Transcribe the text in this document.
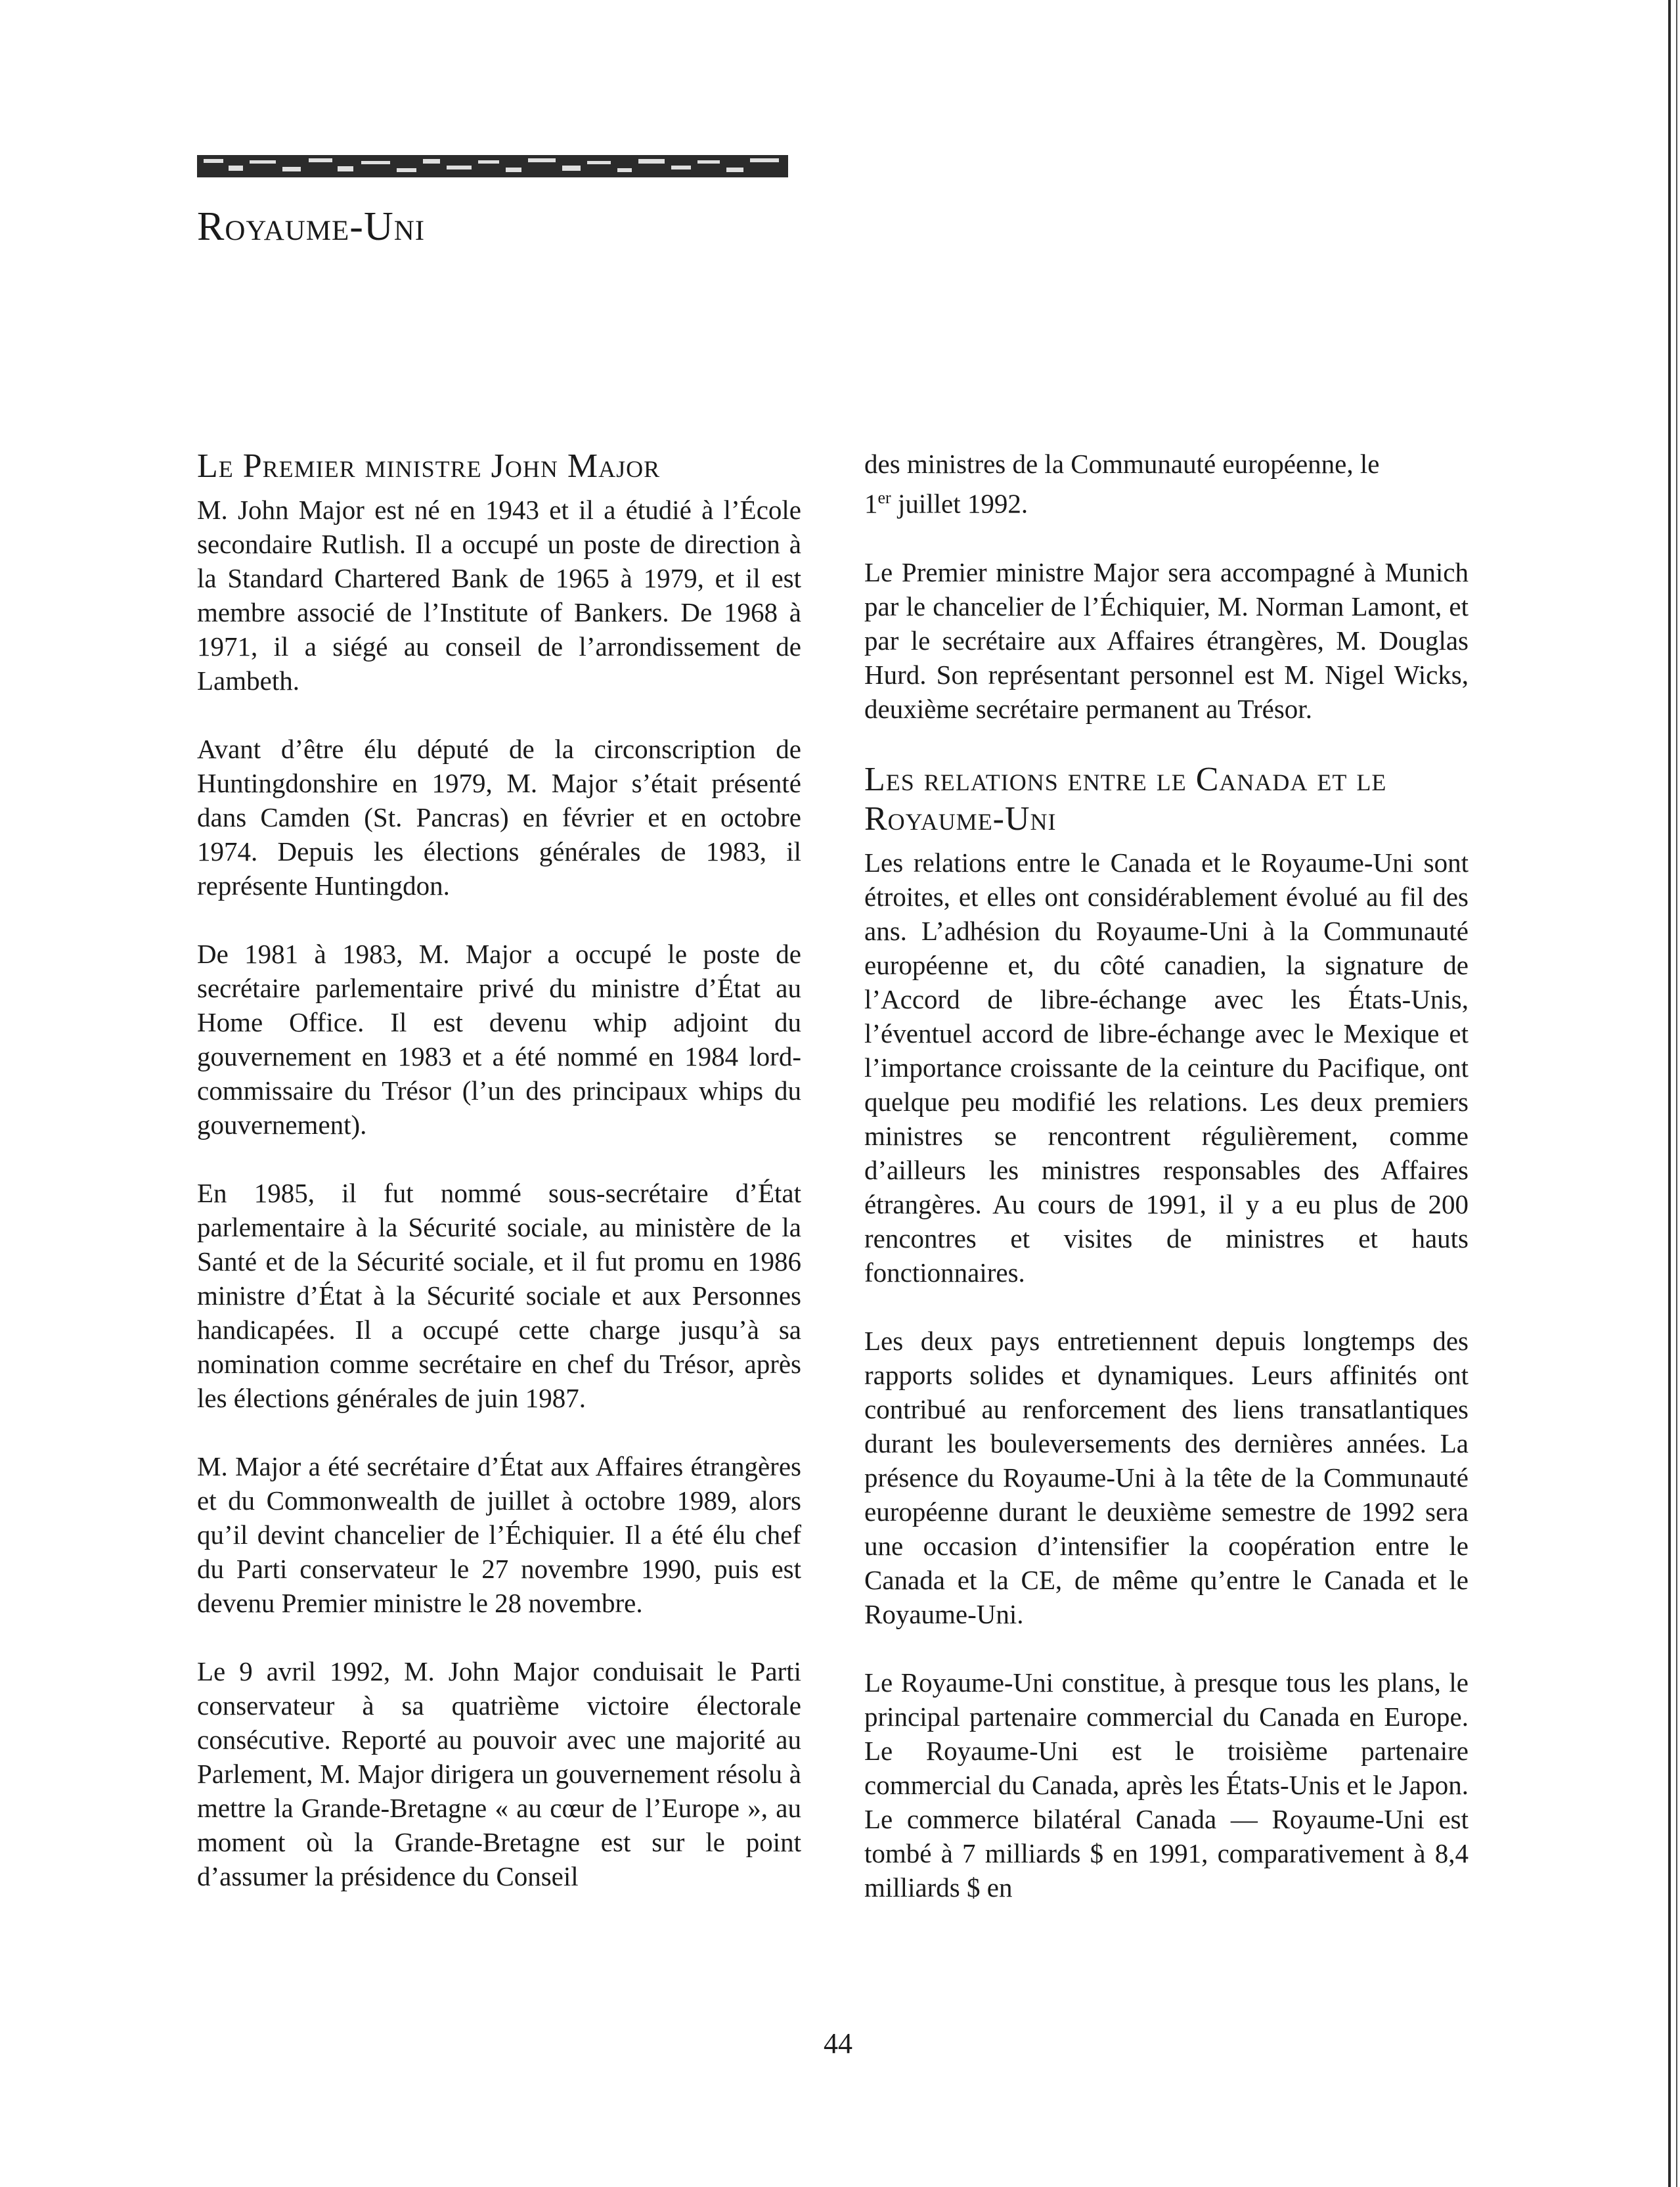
Royaume-Uni
Le Premier ministre John Major

M. John Major est né en 1943 et il a étudié à l’École secondaire Rutlish. Il a occupé un poste de direction à la Standard Chartered Bank de 1965 à 1979, et il est membre associé de l’Institute of Bankers. De 1968 à 1971, il a siégé au conseil de l’arrondissement de Lambeth.

Avant d’être élu député de la circonscription de Huntingdonshire en 1979, M. Major s’était présenté dans Camden (St. Pancras) en février et en octobre 1974. Depuis les élections générales de 1983, il représente Huntingdon.

De 1981 à 1983, M. Major a occupé le poste de secrétaire parlementaire privé du ministre d’État au Home Office. Il est devenu whip adjoint du gouvernement en 1983 et a été nommé en 1984 lord-commissaire du Trésor (l’un des principaux whips du gouvernement).

En 1985, il fut nommé sous-secrétaire d’État parlementaire à la Sécurité sociale, au ministère de la Santé et de la Sécurité sociale, et il fut promu en 1986 ministre d’État à la Sécurité sociale et aux Personnes handicapées. Il a occupé cette charge jusqu’à sa nomination comme secrétaire en chef du Trésor, après les élections générales de juin 1987.

M. Major a été secrétaire d’État aux Affaires étrangères et du Commonwealth de juillet à octobre 1989, alors qu’il devint chancelier de l’Échiquier. Il a été élu chef du Parti conservateur le 27 novembre 1990, puis est devenu Premier ministre le 28 novembre.

Le 9 avril 1992, M. John Major conduisait le Parti conservateur à sa quatrième victoire électorale consécutive. Reporté au pouvoir avec une majorité au Parlement, M. Major dirigera un gouvernement résolu à mettre la Grande-Bretagne « au cœur de l’Europe », au moment où la Grande-Bretagne est sur le point d’assumer la présidence du Conseil

des ministres de la Communauté européenne, le
1er juillet 1992.

Le Premier ministre Major sera accompagné à Munich par le chancelier de l’Échiquier, M. Norman Lamont, et par le secrétaire aux Affaires étrangères, M. Douglas Hurd. Son représentant personnel est M. Nigel Wicks, deuxième secrétaire permanent au Trésor.

Les relations entre le Canada et le Royaume-Uni

Les relations entre le Canada et le Royaume-Uni sont étroites, et elles ont considérablement évolué au fil des ans. L’adhésion du Royaume-Uni à la Communauté européenne et, du côté canadien, la signature de l’Accord de libre-échange avec les États-Unis, l’éventuel accord de libre-échange avec le Mexique et l’importance croissante de la ceinture du Pacifique, ont quelque peu modifié les relations. Les deux premiers ministres se rencontrent régulièrement, comme d’ailleurs les ministres responsables des Affaires étrangères. Au cours de 1991, il y a eu plus de 200 rencontres et visites de ministres et hauts fonctionnaires.

Les deux pays entretiennent depuis longtemps des rapports solides et dynamiques. Leurs affinités ont contribué au renforcement des liens transatlantiques durant les bouleversements des dernières années. La présence du Royaume-Uni à la tête de la Communauté européenne durant le deuxième semestre de 1992 sera une occasion d’intensifier la coopération entre le Canada et la CE, de même qu’entre le Canada et le Royaume-Uni.

Le Royaume-Uni constitue, à presque tous les plans, le principal partenaire commercial du Canada en Europe. Le Royaume-Uni est le troisième partenaire commercial du Canada, après les États-Unis et le Japon. Le commerce bilatéral Canada — Royaume-Uni est tombé à 7 milliards $ en 1991, comparativement à 8,4 milliards $ en

44
